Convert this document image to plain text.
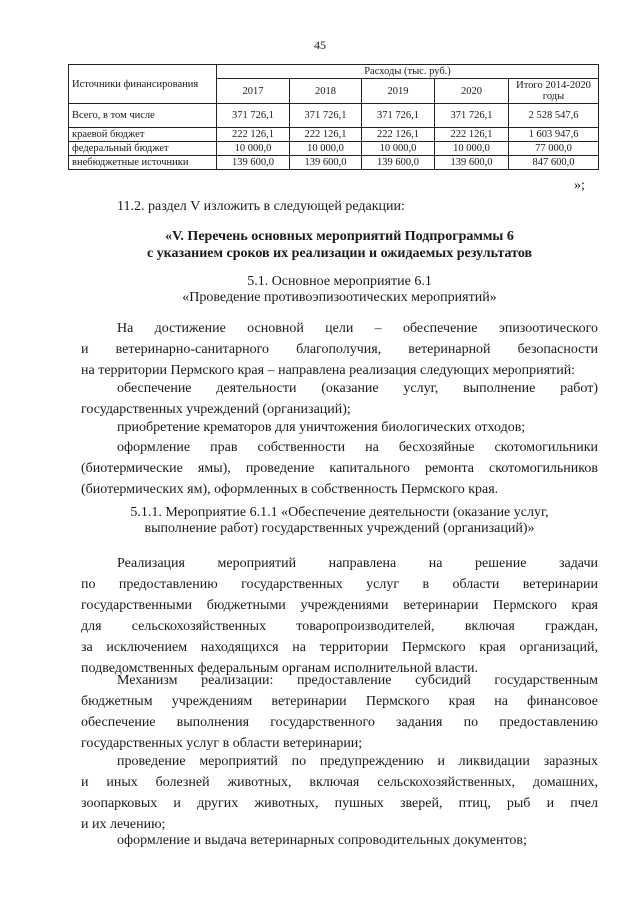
45
Источники финансирования	Расходы (тыс. руб.)				
	2017	2018	2019	2020	Итого 2014-2020 годы
Всего, в том числе	371 726,1	371 726,1	371 726,1	371 726,1	2 528 547,6
краевой бюджет	222 126,1	222 126,1	222 126,1	222 126,1	1 603 947,6
федеральный бюджет	10 000,0	10 000,0	10 000,0	10 000,0	77 000,0
внебюджетные источники	139 600,0	139 600,0	139 600,0	139 600,0	847 600,0
»;

11.2. раздел V изложить в следующей редакции:

«V. Перечень основных мероприятий Подпрограммы 6

с указанием сроков их реализации и ожидаемых результатов

5.1. Основное мероприятие 6.1

«Проведение противоэпизоотических мероприятий»

На достижение основной цели – обеспечение эпизоотического
и ветеринарно-санитарного благополучия, ветеринарной безопасности
на территории Пермского края – направлена реализация следующих мероприятий:
обеспечение деятельности (оказание услуг, выполнение работ)
государственных учреждений (организаций);
приобретение крематоров для уничтожения биологических отходов;
оформление прав собственности на бесхозяйные скотомогильники
(биотермические ямы), проведение капитального ремонта скотомогильников
(биотермических ям), оформленных в собственность Пермского края.

5.1.1. Мероприятие 6.1.1 «Обеспечение деятельности (оказание услуг,

выполнение работ) государственных учреждений (организаций)»

Реализация мероприятий направлена на решение задачи
по предоставлению государственных услуг в области ветеринарии
государственными бюджетными учреждениями ветеринарии Пермского края
для сельскохозяйственных товаропроизводителей, включая граждан,
за исключением находящихся на территории Пермского края организаций,
подведомственных федеральным органам исполнительной власти.
Механизм реализации: предоставление субсидий государственным
бюджетным учреждениям ветеринарии Пермского края на финансовое
обеспечение выполнения государственного задания по предоставлению
государственных услуг в области ветеринарии;
проведение мероприятий по предупреждению и ликвидации заразных
и иных болезней животных, включая сельскохозяйственных, домашних,
зоопарковых и других животных, пушных зверей, птиц, рыб и пчел
и их лечению;
оформление и выдача ветеринарных сопроводительных документов;
